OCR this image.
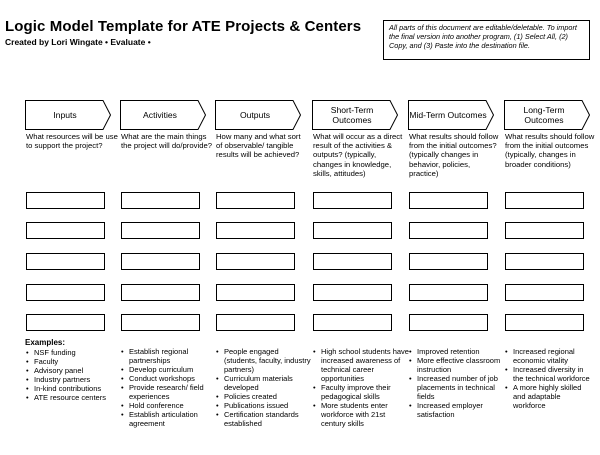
Logic Model Template for ATE Projects & Centers
Created by Lori Wingate • Evaluate •
All parts of this document are editable/deletable. To import the final version into another program, (1) Select All, (2) Copy, and (3) Paste into the destination file.
Inputs
What resources will be use to support the project?
Examples:
• NSF funding
• Faculty
• Advisory panel
• Industry partners
• In-kind contributions
• ATE resource centers
Activities
What are the main things the project will do/provide?
• Establish regional partnerships
• Develop curriculum
• Conduct workshops
• Provide research/ field experiences
• Hold conference
• Establish articulation agreement
Outputs
How many and what sort of observable/ tangible results will be achieved?
• People engaged (students, faculty, industry partners)
• Curriculum materials developed
• Policies created
• Publications issued
• Certification standards established
Short-Term Outcomes
What will occur as a direct result of the activities & outputs? (typically, changes in knowledge, skills, attitudes)
• High school students have increased awareness of technical career opportunities
• Faculty improve their pedagogical skills
• More students enter workforce with 21st century skills
Mid-Term Outcomes
What results should follow from the initial outcomes? (typically changes in behavior, policies, practice)
• Improved retention
• More effective classroom instruction
• Increased number of job placements in technical fields
• Increased employer satisfaction
Long-Term Outcomes
What results should follow from the initial outcomes (typically, changes in broader conditions)
• Increased regional economic vitality
• Increased diversity in the technical workforce
• A more highly skilled and adaptable workforce
